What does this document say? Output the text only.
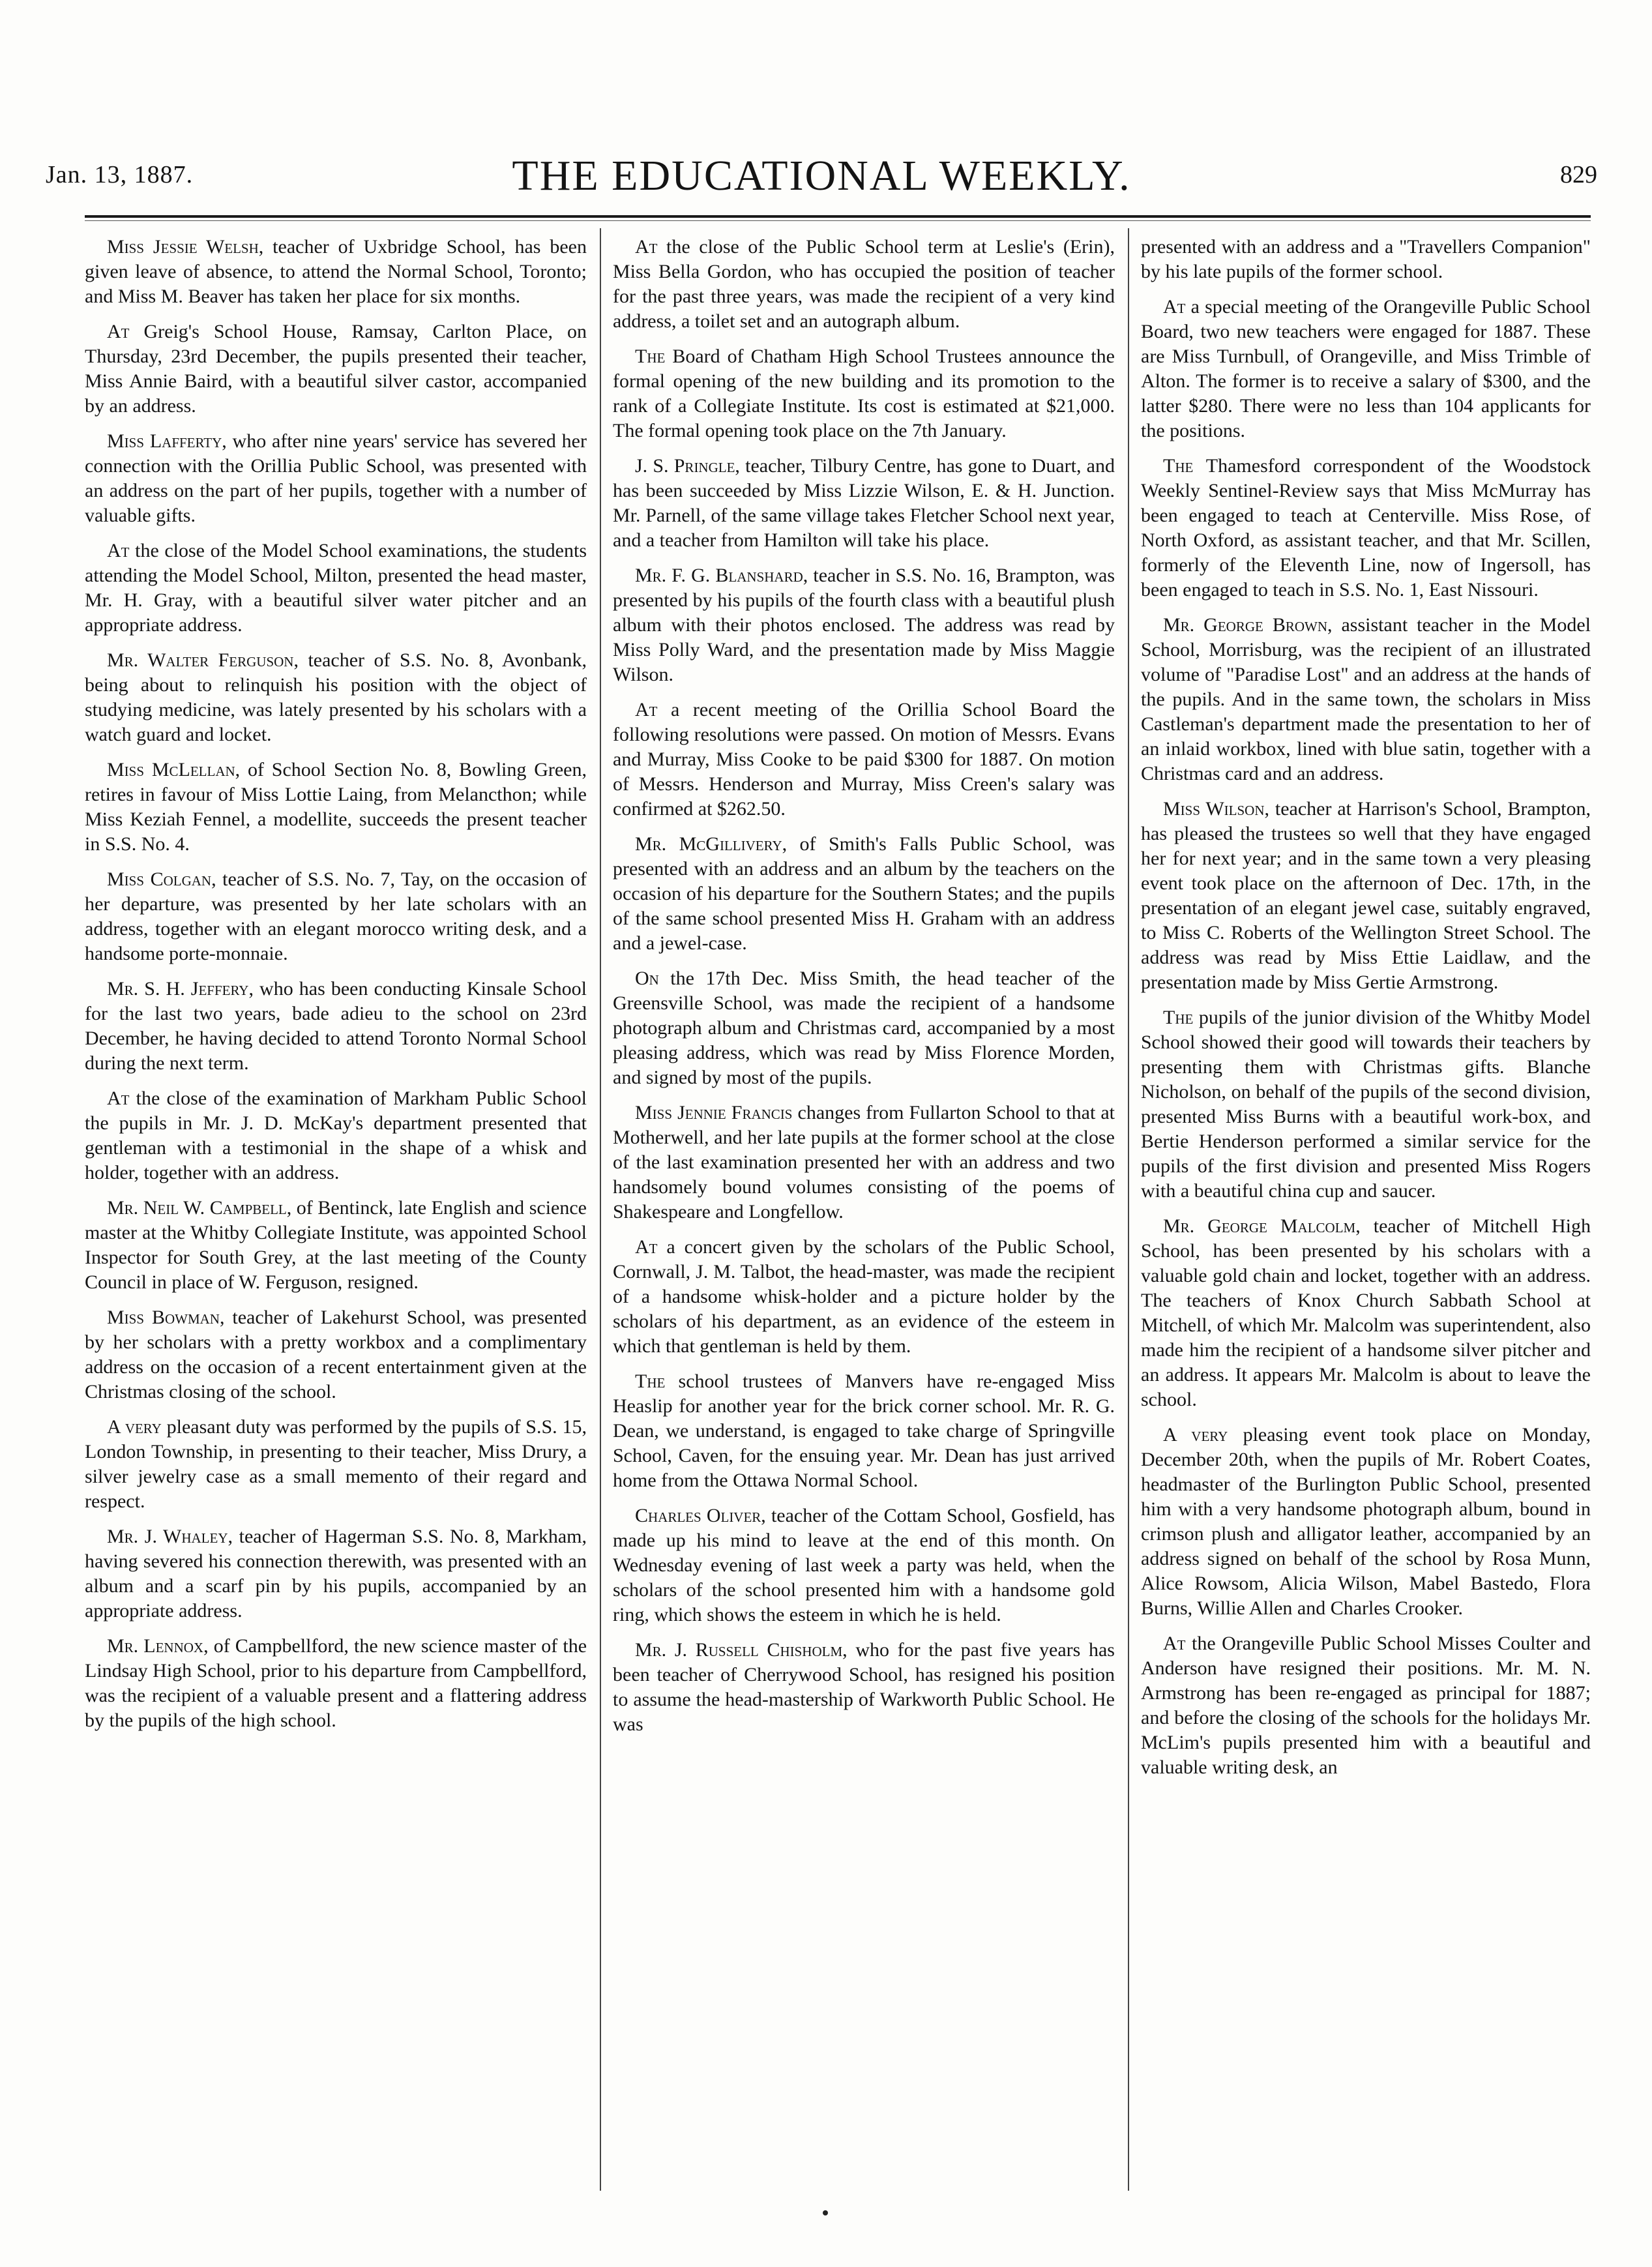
Jan. 13, 1887.	THE EDUCATIONAL WEEKLY.	829

Miss Jessie Welsh, teacher of Uxbridge School, has been given leave of absence, to attend the Normal School, Toronto; and Miss M. Beaver has taken her place for six months.

At Greig's School House, Ramsay, Carlton Place, on Thursday, 23rd December, the pupils presented their teacher, Miss Annie Baird, with a beautiful silver castor, accompanied by an address.

Miss Lafferty, who after nine years' service has severed her connection with the Orillia Public School, was presented with an address on the part of her pupils, together with a number of valuable gifts.

At the close of the Model School examinations, the students attending the Model School, Milton, presented the head master, Mr. H. Gray, with a beautiful silver water pitcher and an appropriate address.

Mr. Walter Ferguson, teacher of S.S. No. 8, Avonbank, being about to relinquish his position with the object of studying medicine, was lately presented by his scholars with a watch guard and locket.

Miss McLellan, of School Section No. 8, Bowling Green, retires in favour of Miss Lottie Laing, from Melancthon; while Miss Keziah Fennel, a modellite, succeeds the present teacher in S.S. No. 4.

Miss Colgan, teacher of S.S. No. 7, Tay, on the occasion of her departure, was presented by her late scholars with an address, together with an elegant morocco writing desk, and a handsome porte-monnaie.

Mr. S. H. Jeffery, who has been conducting Kinsale School for the last two years, bade adieu to the school on 23rd December, he having decided to attend Toronto Normal School during the next term.

At the close of the examination of Markham Public School the pupils in Mr. J. D. McKay's department presented that gentleman with a testimonial in the shape of a whisk and holder, together with an address.

Mr. Neil W. Campbell, of Bentinck, late English and science master at the Whitby Collegiate Institute, was appointed School Inspector for South Grey, at the last meeting of the County Council in place of W. Ferguson, resigned.

Miss Bowman, teacher of Lakehurst School, was presented by her scholars with a pretty workbox and a complimentary address on the occasion of a recent entertainment given at the Christmas closing of the school.

A very pleasant duty was performed by the pupils of S.S. 15, London Township, in presenting to their teacher, Miss Drury, a silver jewelry case as a small memento of their regard and respect.

Mr. J. Whaley, teacher of Hagerman S.S. No. 8, Markham, having severed his connection therewith, was presented with an album and a scarf pin by his pupils, accompanied by an appropriate address.

Mr. Lennox, of Campbellford, the new science master of the Lindsay High School, prior to his departure from Campbellford, was the recipient of a valuable present and a flattering address by the pupils of the high school.

At the close of the Public School term at Leslie's (Erin), Miss Bella Gordon, who has occupied the position of teacher for the past three years, was made the recipient of a very kind address, a toilet set and an autograph album.

The Board of Chatham High School Trustees announce the formal opening of the new building and its promotion to the rank of a Collegiate Institute. Its cost is estimated at $21,000. The formal opening took place on the 7th January.

J. S. Pringle, teacher, Tilbury Centre, has gone to Duart, and has been succeeded by Miss Lizzie Wilson, E. & H. Junction. Mr. Parnell, of the same village takes Fletcher School next year, and a teacher from Hamilton will take his place.

Mr. F. G. Blanshard, teacher in S.S. No. 16, Brampton, was presented by his pupils of the fourth class with a beautiful plush album with their photos enclosed. The address was read by Miss Polly Ward, and the presentation made by Miss Maggie Wilson.

At a recent meeting of the Orillia School Board the following resolutions were passed. On motion of Messrs. Evans and Murray, Miss Cooke to be paid $300 for 1887. On motion of Messrs. Henderson and Murray, Miss Creen's salary was confirmed at $262.50.

Mr. McGillivery, of Smith's Falls Public School, was presented with an address and an album by the teachers on the occasion of his departure for the Southern States; and the pupils of the same school presented Miss H. Graham with an address and a jewel-case.

On the 17th Dec. Miss Smith, the head teacher of the Greensville School, was made the recipient of a handsome photograph album and Christmas card, accompanied by a most pleasing address, which was read by Miss Florence Morden, and signed by most of the pupils.

Miss Jennie Francis changes from Fullarton School to that at Motherwell, and her late pupils at the former school at the close of the last examination presented her with an address and two handsomely bound volumes consisting of the poems of Shakespeare and Longfellow.

At a concert given by the scholars of the Public School, Cornwall, J. M. Talbot, the head-master, was made the recipient of a handsome whisk-holder and a picture holder by the scholars of his department, as an evidence of the esteem in which that gentleman is held by them.

The school trustees of Manvers have re-engaged Miss Heaslip for another year for the brick corner school. Mr. R. G. Dean, we understand, is engaged to take charge of Springville School, Caven, for the ensuing year. Mr. Dean has just arrived home from the Ottawa Normal School.

Charles Oliver, teacher of the Cottam School, Gosfield, has made up his mind to leave at the end of this month. On Wednesday evening of last week a party was held, when the scholars of the school presented him with a handsome gold ring, which shows the esteem in which he is held.

Mr. J. Russell Chisholm, who for the past five years has been teacher of Cherrywood School, has resigned his position to assume the head-mastership of Warkworth Public School. He was

presented with an address and a "Travellers Companion" by his late pupils of the former school.

At a special meeting of the Orangeville Public School Board, two new teachers were engaged for 1887. These are Miss Turnbull, of Orangeville, and Miss Trimble of Alton. The former is to receive a salary of $300, and the latter $280. There were no less than 104 applicants for the positions.

The Thamesford correspondent of the Woodstock Weekly Sentinel-Review says that Miss McMurray has been engaged to teach at Centerville. Miss Rose, of North Oxford, as assistant teacher, and that Mr. Scillen, formerly of the Eleventh Line, now of Ingersoll, has been engaged to teach in S.S. No. 1, East Nissouri.

Mr. George Brown, assistant teacher in the Model School, Morrisburg, was the recipient of an illustrated volume of "Paradise Lost" and an address at the hands of the pupils. And in the same town, the scholars in Miss Castleman's department made the presentation to her of an inlaid workbox, lined with blue satin, together with a Christmas card and an address.

Miss Wilson, teacher at Harrison's School, Brampton, has pleased the trustees so well that they have engaged her for next year; and in the same town a very pleasing event took place on the afternoon of Dec. 17th, in the presentation of an elegant jewel case, suitably engraved, to Miss C. Roberts of the Wellington Street School. The address was read by Miss Ettie Laidlaw, and the presentation made by Miss Gertie Armstrong.

The pupils of the junior division of the Whitby Model School showed their good will towards their teachers by presenting them with Christmas gifts. Blanche Nicholson, on behalf of the pupils of the second division, presented Miss Burns with a beautiful work-box, and Bertie Henderson performed a similar service for the pupils of the first division and presented Miss Rogers with a beautiful china cup and saucer.

Mr. George Malcolm, teacher of Mitchell High School, has been presented by his scholars with a valuable gold chain and locket, together with an address. The teachers of Knox Church Sabbath School at Mitchell, of which Mr. Malcolm was superintendent, also made him the recipient of a handsome silver pitcher and an address. It appears Mr. Malcolm is about to leave the school.

A very pleasing event took place on Monday, December 20th, when the pupils of Mr. Robert Coates, headmaster of the Burlington Public School, presented him with a very handsome photograph album, bound in crimson plush and alligator leather, accompanied by an address signed on behalf of the school by Rosa Munn, Alice Rowsom, Alicia Wilson, Mabel Bastedo, Flora Burns, Willie Allen and Charles Crooker.

At the Orangeville Public School Misses Coulter and Anderson have resigned their positions. Mr. M. N. Armstrong has been re-engaged as principal for 1887; and before the closing of the schools for the holidays Mr. McLim's pupils presented him with a beautiful and valuable writing desk, an
